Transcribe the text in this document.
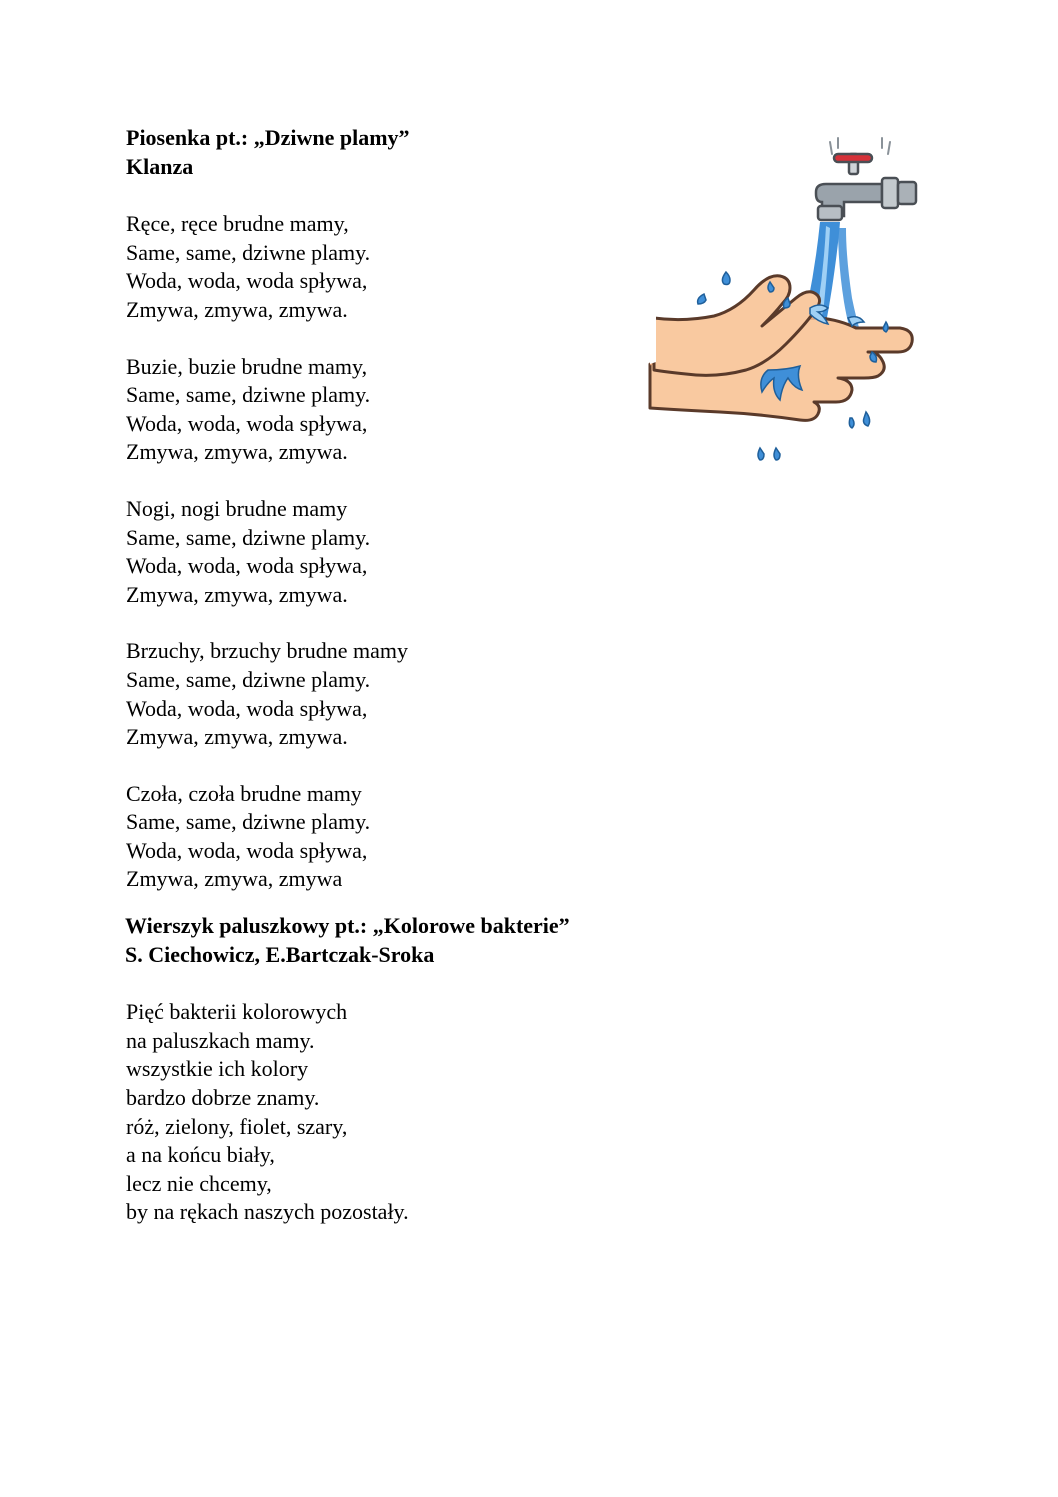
Piosenka pt.: „Dziwne plamy”
Klanza
Ręce, ręce brudne mamy,
Same, same, dziwne plamy.
Woda, woda, woda spływa,
Zmywa, zmywa, zmywa.
Buzie, buzie brudne mamy,
Same, same, dziwne plamy.
Woda, woda, woda spływa,
Zmywa, zmywa, zmywa.
Nogi, nogi brudne mamy
Same, same, dziwne plamy.
Woda, woda, woda spływa,
Zmywa, zmywa, zmywa.
Brzuchy, brzuchy brudne mamy
Same, same, dziwne plamy.
Woda, woda, woda spływa,
Zmywa, zmywa, zmywa.
Czoła, czoła brudne mamy
Same, same, dziwne plamy.
Woda, woda, woda spływa,
Zmywa, zmywa, zmywa
Wierszyk paluszkowy pt.: „Kolorowe bakterie”
S. Ciechowicz, E.Bartczak-Sroka
Pięć bakterii kolorowych
na paluszkach mamy.
wszystkie ich kolory
bardzo dobrze znamy.
róż, zielony, fiolet, szary,
a na końcu biały,
lecz nie chcemy,
by na rękach naszych pozostały.
